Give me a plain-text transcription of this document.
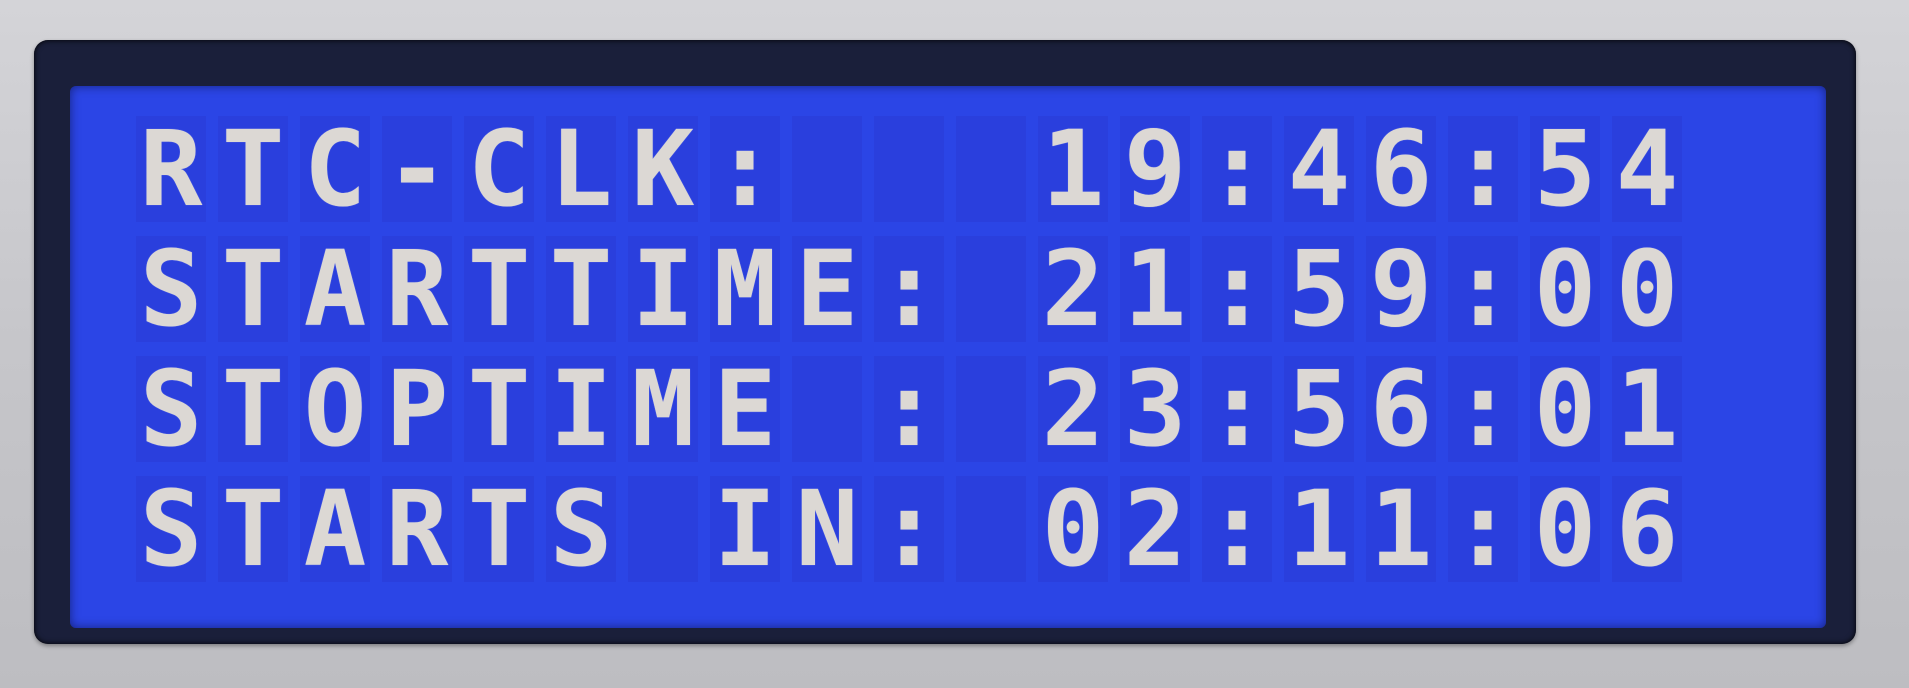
R T C - C L K :	1 9 : 4 6 : 5 4
S T A R T T I M E : 2 1 : 5 9 : 0 0
S T O P T I M E : 2 3 : 5 6 : 0 1
S T A R T S I N : 0 2 : 1 1 : 0 6
